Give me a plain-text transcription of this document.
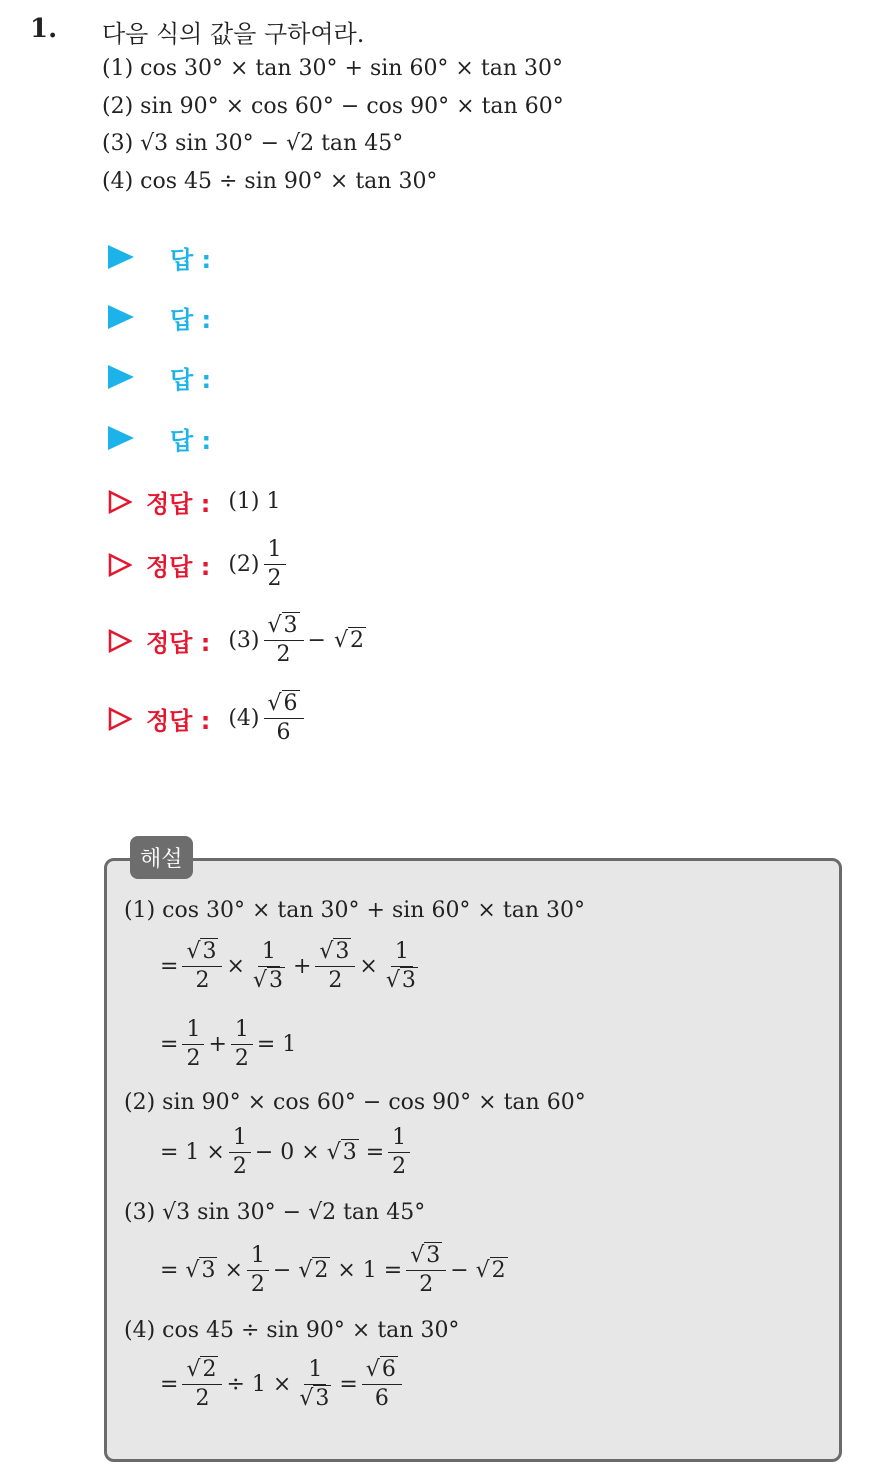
1. 다음 식의 값을 구하여라.
(1) cos 30° × tan 30° + sin 60° × tan 30°
(2) sin 90° × cos 60° − cos 90° × tan 60°
(3) √3 sin 30° − √2 tan 45°
(4) cos 45 ÷ sin 90° × tan 30°
답 :
답 :
답 :
답 :
정답 : (1) 1
정답 : $(2) \frac{1}{2}$
정답 : $(3) \frac{√3}{2} - √2$
정답 : $(4) \frac{√6}{6}$
해설
(1) cos 30° × tan 30° + sin 60° × tan 30°
= $\frac{√3}{2} \times \frac{1}{√3} + \frac{√3}{2} \times \frac{1}{√3}$
= $\frac{1}{2} + \frac{1}{2} = 1$
(2) sin 90° × cos 60° − cos 90° × tan 60°
= $1 \times \frac{1}{2} - 0 \times √3 = \frac{1}{2}$
(3) √3 sin 30° − √2 tan 45°
= $√3 \times \frac{1}{2} - √2 \times 1 = \frac{√3}{2} - √2$
(4) cos 45 ÷ sin 90° × tan 30°
= $\frac{√2}{2} \div 1 \times \frac{1}{√3} = \frac{√6}{6}$
